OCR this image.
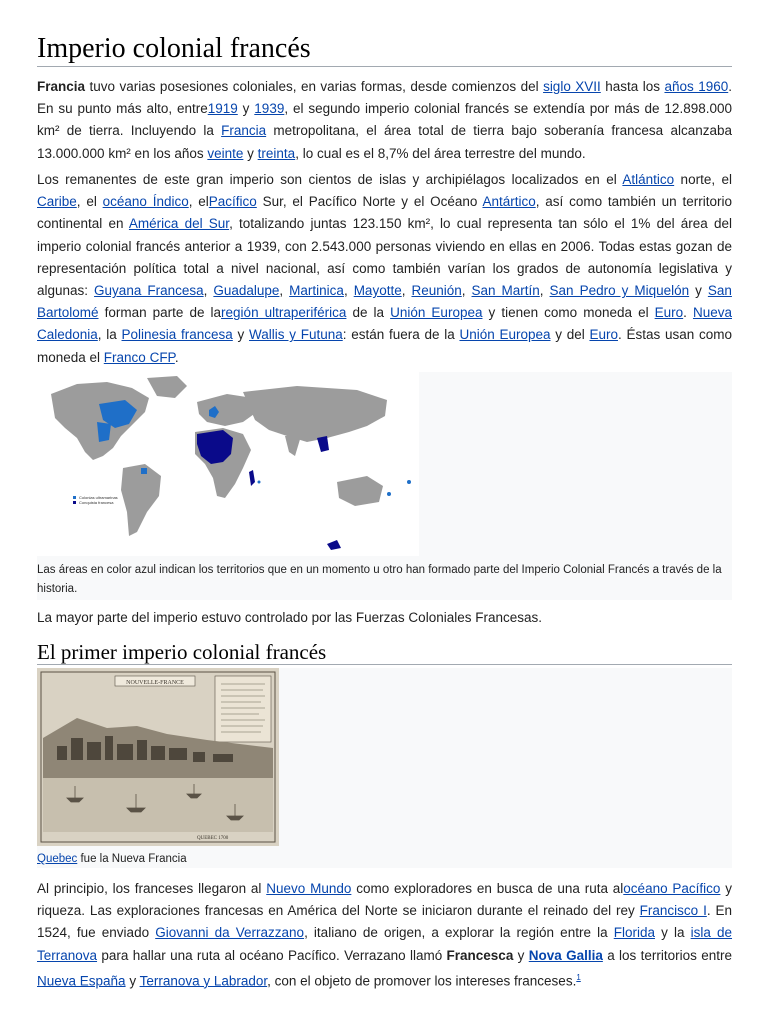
Imperio colonial francés

Francia tuvo varias posesiones coloniales, en varias formas, desde comienzos del siglo XVII hasta los años 1960. En su punto más alto, entre1919 y 1939, el segundo imperio colonial francés se extendía por más de 12.898.000 km² de tierra. Incluyendo la Francia metropolitana, el área total de tierra bajo soberanía francesa alcanzaba 13.000.000 km² en los años veinte y treinta, lo cual es el 8,7% del área terrestre del mundo.

Los remanentes de este gran imperio son cientos de islas y archipiélagos localizados en el Atlántico norte, el Caribe, el océano Índico, elPacífico Sur, el Pacífico Norte y el Océano Antártico, así como también un territorio continental en América del Sur, totalizando juntas 123.150 km², lo cual representa tan sólo el 1% del área del imperio colonial francés anterior a 1939, con 2.543.000 personas viviendo en ellas en 2006. Todas estas gozan de representación política total a nivel nacional, así como también varían los grados de autonomía legislativa y algunas: Guyana Francesa, Guadalupe, Martinica, Mayotte, Reunión, San Martín, San Pedro y Miquelón y San Bartolomé forman parte de laregión ultraperiférica de la Unión Europea y tienen como moneda el Euro. Nueva Caledonia, la Polinesia francesa y Wallis y Futuna: están fuera de la Unión Europea y del Euro. Éstas usan como moneda el Franco CFP.

Colonias ultramarinas
Conquista francesa
Las áreas en color azul indican los territorios que en un momento u otro han formado parte del Imperio Colonial Francés a través de la historia.

La mayor parte del imperio estuvo controlado por las Fuerzas Coloniales Francesas.

El primer imperio colonial francés
NOUVELLE-FRANCE
QUEBEC 1700
Quebec fue la Nueva Francia

Al principio, los franceses llegaron al Nuevo Mundo como exploradores en busca de una ruta alocéano Pacífico y riqueza. Las exploraciones francesas en América del Norte se iniciaron durante el reinado del rey Francisco I. En 1524, fue enviado Giovanni da Verrazzano, italiano de origen, a explorar la región entre la Florida y la isla de Terranova para hallar una ruta al océano Pacífico. Verrazano llamó Francesca y Nova Gallia a los territorios entre Nueva España y Terranova y Labrador, con el objeto de promover los intereses franceses.$^1$
